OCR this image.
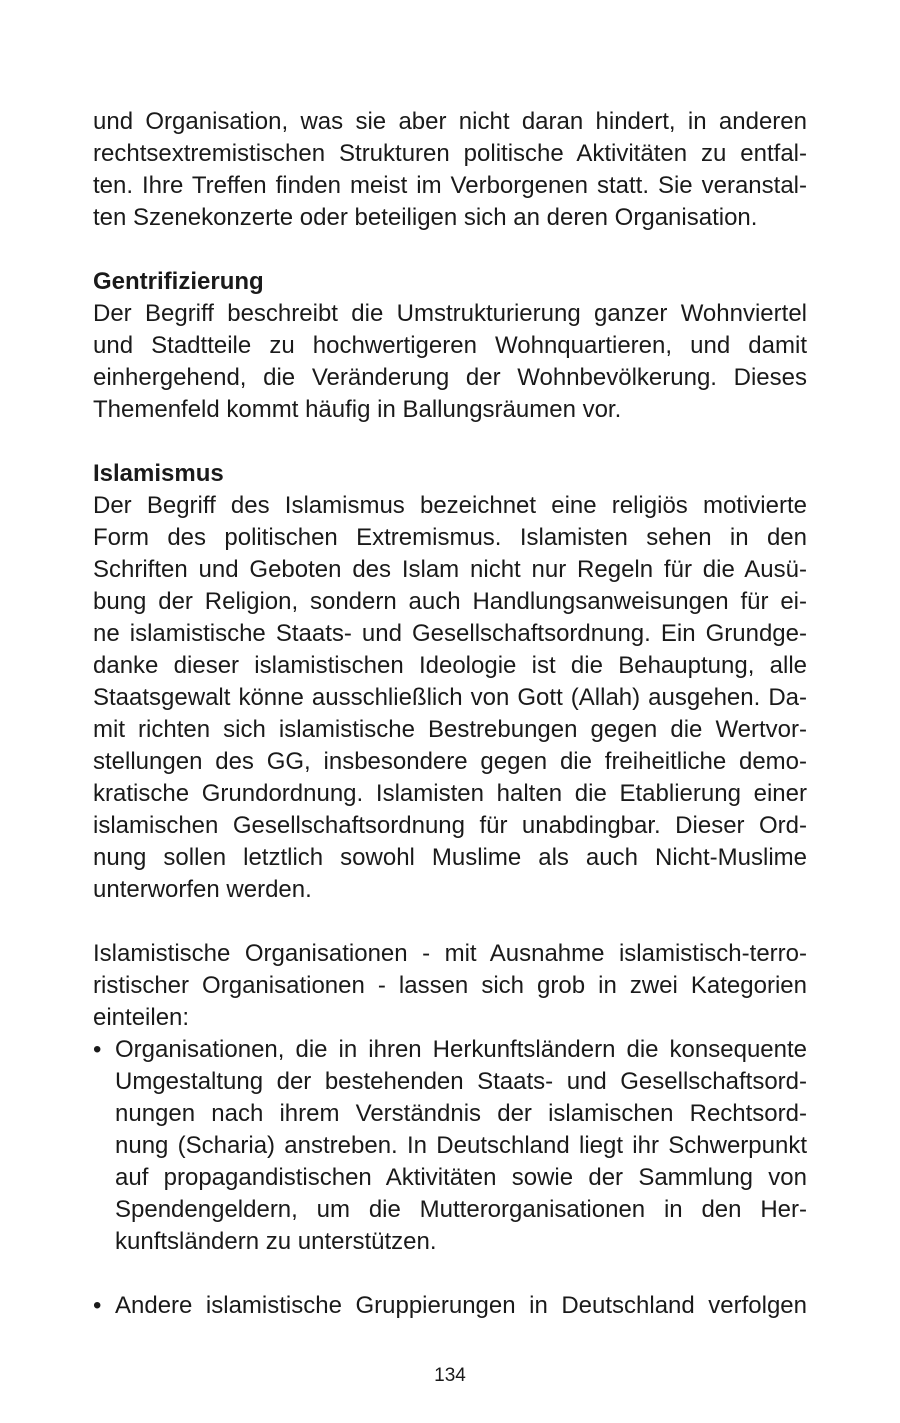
und Organisation, was sie aber nicht daran hindert, in anderen
rechtsextremistischen Strukturen politische Aktivitäten zu entfal-
ten. Ihre Treffen finden meist im Verborgenen statt. Sie veranstal-
ten Szenekonzerte oder beteiligen sich an deren Organisation.
Gentrifizierung
Der Begriff beschreibt die Umstrukturierung ganzer Wohnviertel
und Stadtteile zu hochwertigeren Wohnquartieren, und damit
einhergehend, die Veränderung der Wohnbevölkerung. Dieses
Themenfeld kommt häufig in Ballungsräumen vor.
Islamismus
Der Begriff des Islamismus bezeichnet eine religiös motivierte
Form des politischen Extremismus. Islamisten sehen in den
Schriften und Geboten des Islam nicht nur Regeln für die Ausü-
bung der Religion, sondern auch Handlungsanweisungen für ei-
ne islamistische Staats- und Gesellschaftsordnung. Ein Grundge-
danke dieser islamistischen Ideologie ist die Behauptung, alle
Staatsgewalt könne ausschließlich von Gott (Allah) ausgehen. Da-
mit richten sich islamistische Bestrebungen gegen die Wertvor-
stellungen des GG, insbesondere gegen die freiheitliche demo-
kratische Grundordnung. Islamisten halten die Etablierung einer
islamischen Gesellschaftsordnung für unabdingbar. Dieser Ord-
nung sollen letztlich sowohl Muslime als auch Nicht-Muslime
unterworfen werden.
Islamistische Organisationen - mit Ausnahme islamistisch-terro-
ristischer Organisationen - lassen sich grob in zwei Kategorien
einteilen:
• Organisationen, die in ihren Herkunftsländern die konsequente
Umgestaltung der bestehenden Staats- und Gesellschaftsord-
nungen nach ihrem Verständnis der islamischen Rechtsord-
nung (Scharia) anstreben. In Deutschland liegt ihr Schwerpunkt
auf propagandistischen Aktivitäten sowie der Sammlung von
Spendengeldern, um die Mutterorganisationen in den Her-
kunftsländern zu unterstützen.
• Andere islamistische Gruppierungen in Deutschland verfolgen
134
